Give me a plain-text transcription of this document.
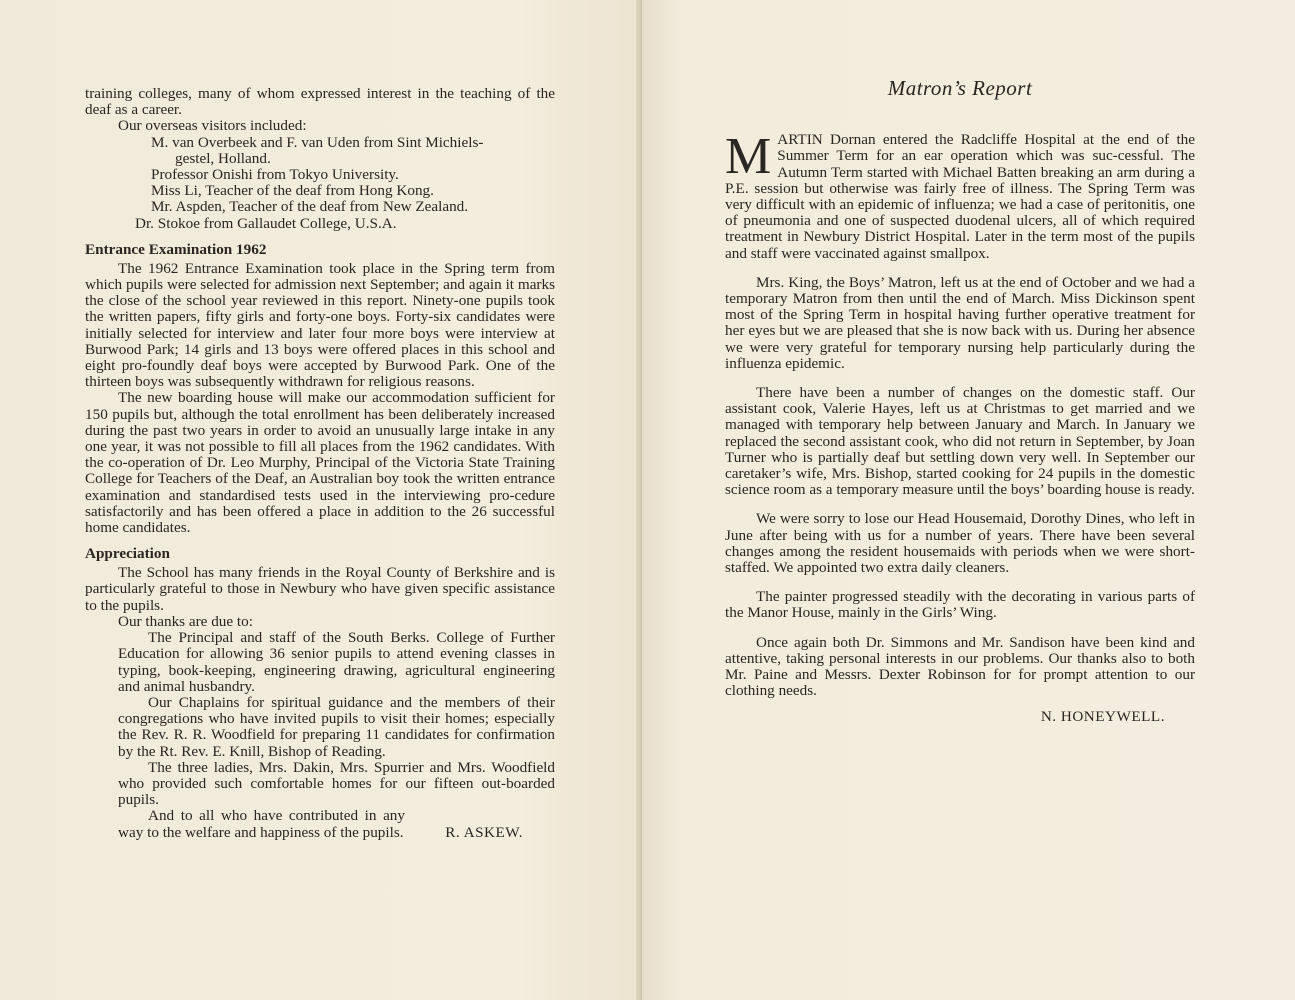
training colleges, many of whom expressed interest in the teaching of the deaf as a career.

Our overseas visitors included:

M. van Overbeek and F. van Uden from Sint Michiels-
gestel, Holland.
Professor Onishi from Tokyo University.
Miss Li, Teacher of the deaf from Hong Kong.
Mr. Aspden, Teacher of the deaf from New Zealand.
Dr. Stokoe from Gallaudet College, U.S.A.
Entrance Examination 1962

The 1962 Entrance Examination took place in the Spring term from which pupils were selected for admission next September; and again it marks the close of the school year reviewed in this report. Ninety-one pupils took the written papers, fifty girls and forty-one boys. Forty-six candidates were initially selected for interview and later four more boys were interview at Burwood Park; 14 girls and 13 boys were offered places in this school and eight pro-foundly deaf boys were accepted by Burwood Park. One of the thirteen boys was subsequently withdrawn for religious reasons.

The new boarding house will make our accommodation sufficient for 150 pupils but, although the total enrollment has been deliberately increased during the past two years in order to avoid an unusually large intake in any one year, it was not possible to fill all places from the 1962 candidates. With the co-operation of Dr. Leo Murphy, Principal of the Victoria State Training College for Teachers of the Deaf, an Australian boy took the written entrance examination and standardised tests used in the interviewing pro-cedure satisfactorily and has been offered a place in addition to the 26 successful home candidates.

Appreciation

The School has many friends in the Royal County of Berkshire and is particularly grateful to those in Newbury who have given specific assistance to the pupils.

Our thanks are due to:

The Principal and staff of the South Berks. College of Further Education for allowing 36 senior pupils to attend evening classes in typing, book-keeping, engineering drawing, agricultural engineering and animal husbandry.

Our Chaplains for spiritual guidance and the members of their congregations who have invited pupils to visit their homes; especially the Rev. R. R. Woodfield for preparing 11 candidates for confirmation by the Rt. Rev. E. Knill, Bishop of Reading.

The three ladies, Mrs. Dakin, Mrs. Spurrier and Mrs. Woodfield who provided such comfortable homes for our fifteen out-boarded pupils.

And to all who have contributed in any way to the welfare and happiness of the pupils.	R. ASKEW.
Matron’s Report

MARTIN Dornan entered the Radcliffe Hospital at the end of the Summer Term for an ear operation which was suc-cessful. The Autumn Term started with Michael Batten breaking an arm during a P.E. session but otherwise was fairly free of illness. The Spring Term was very difficult with an epidemic of influenza; we had a case of peritonitis, one of pneumonia and one of suspected duodenal ulcers, all of which required treatment in Newbury District Hospital. Later in the term most of the pupils and staff were vaccinated against smallpox.

Mrs. King, the Boys’ Matron, left us at the end of October and we had a temporary Matron from then until the end of March. Miss Dickinson spent most of the Spring Term in hospital having further operative treatment for her eyes but we are pleased that she is now back with us. During her absence we were very grateful for temporary nursing help particularly during the influenza epidemic.

There have been a number of changes on the domestic staff. Our assistant cook, Valerie Hayes, left us at Christmas to get married and we managed with temporary help between January and March. In January we replaced the second assistant cook, who did not return in September, by Joan Turner who is partially deaf but settling down very well. In September our caretaker’s wife, Mrs. Bishop, started cooking for 24 pupils in the domestic science room as a temporary measure until the boys’ boarding house is ready.

We were sorry to lose our Head Housemaid, Dorothy Dines, who left in June after being with us for a number of years. There have been several changes among the resident housemaids with periods when we were short-staffed. We appointed two extra daily cleaners.

The painter progressed steadily with the decorating in various parts of the Manor House, mainly in the Girls’ Wing.

Once again both Dr. Simmons and Mr. Sandison have been kind and attentive, taking personal interests in our problems. Our thanks also to both Mr. Paine and Messrs. Dexter Robinson for for prompt attention to our clothing needs.

N. HONEYWELL.
